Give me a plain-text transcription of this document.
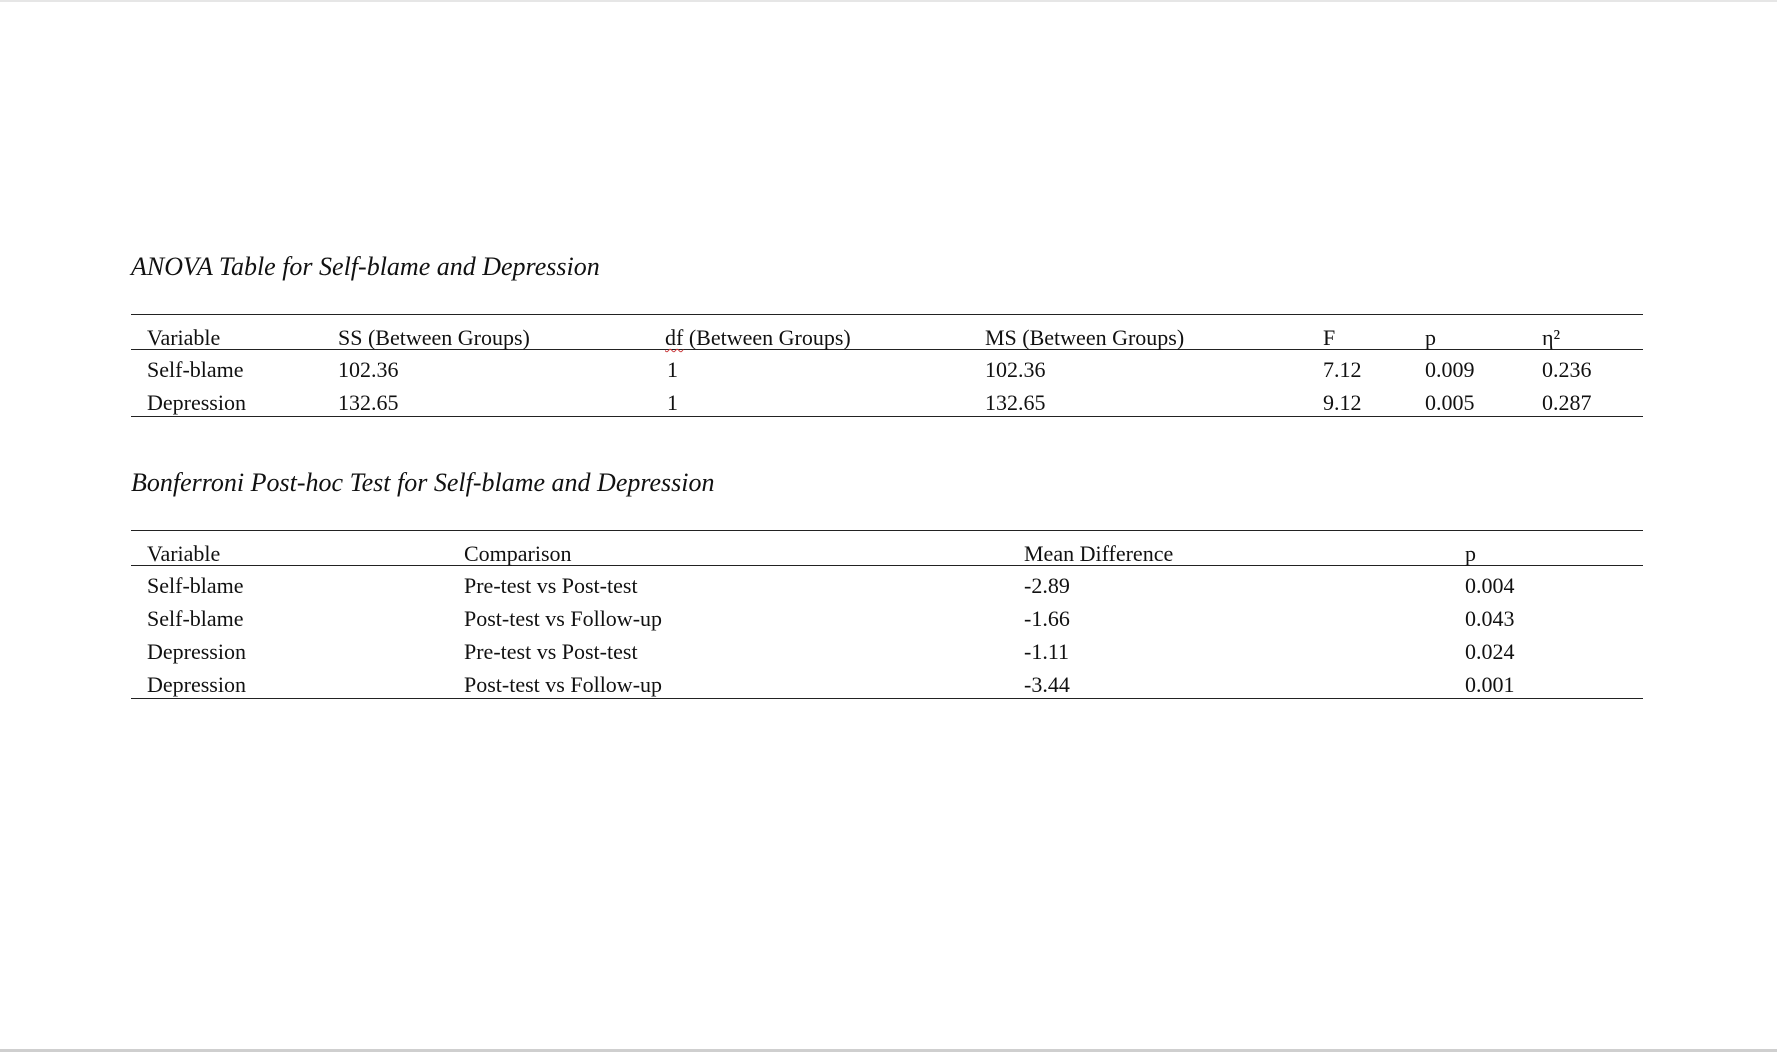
ANOVA Table for Self-blame and Depression
Variable	SS (Between Groups)	df (Between Groups)	MS (Between Groups)	F	p	η²
Self-blame	102.36	1	102.36	7.12	0.009	0.236
Depression	132.65	1	132.65	9.12	0.005	0.287
Bonferroni Post-hoc Test for Self-blame and Depression
Variable	Comparison	Mean Difference	p
Self-blame	Pre-test vs Post-test	-2.89	0.004
Self-blame	Post-test vs Follow-up	-1.66	0.043
Depression	Pre-test vs Post-test	-1.11	0.024
Depression	Post-test vs Follow-up	-3.44	0.001
